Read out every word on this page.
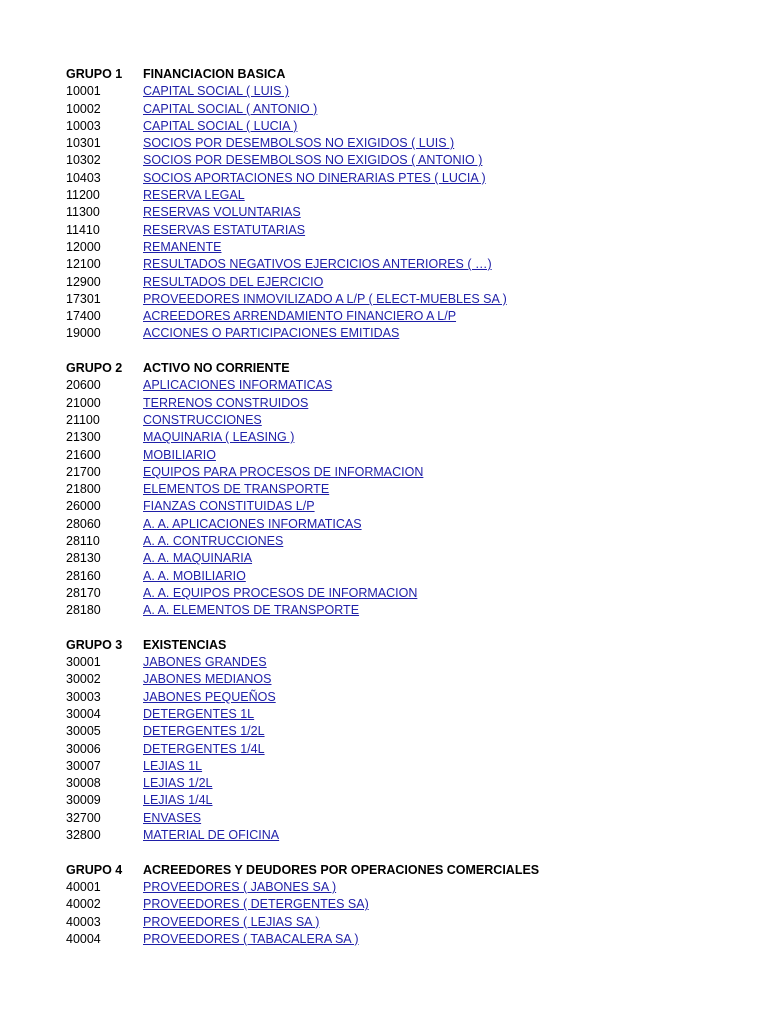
GRUPO 1	FINANCIACION BASICA
10001	CAPITAL SOCIAL ( LUIS )
10002	CAPITAL SOCIAL ( ANTONIO )
10003	CAPITAL SOCIAL ( LUCIA )
10301	SOCIOS POR DESEMBOLSOS NO EXIGIDOS ( LUIS )
10302	SOCIOS POR DESEMBOLSOS NO EXIGIDOS ( ANTONIO )
10403	SOCIOS APORTACIONES NO DINERARIAS PTES ( LUCIA )
11200	RESERVA LEGAL
11300	RESERVAS VOLUNTARIAS
11410	RESERVAS ESTATUTARIAS
12000	REMANENTE
12100	RESULTADOS NEGATIVOS EJERCICIOS ANTERIORES ( …)
12900	RESULTADOS DEL EJERCICIO
17301	PROVEEDORES INMOVILIZADO A L/P ( ELECT-MUEBLES SA )
17400	ACREEDORES ARRENDAMIENTO FINANCIERO A L/P
19000	ACCIONES O PARTICIPACIONES EMITIDAS
GRUPO 2	ACTIVO NO CORRIENTE
20600	APLICACIONES INFORMATICAS
21000	TERRENOS CONSTRUIDOS
21100	CONSTRUCCIONES
21300	MAQUINARIA ( LEASING )
21600	MOBILIARIO
21700	EQUIPOS PARA PROCESOS DE INFORMACION
21800	ELEMENTOS DE TRANSPORTE
26000	FIANZAS CONSTITUIDAS L/P
28060	A. A. APLICACIONES INFORMATICAS
28110	A. A. CONTRUCCIONES
28130	A. A. MAQUINARIA
28160	A. A. MOBILIARIO
28170	A. A. EQUIPOS PROCESOS DE INFORMACION
28180	A. A. ELEMENTOS DE TRANSPORTE
GRUPO 3	EXISTENCIAS
30001	JABONES GRANDES
30002	JABONES MEDIANOS
30003	JABONES PEQUEÑOS
30004	DETERGENTES 1L
30005	DETERGENTES 1/2L
30006	DETERGENTES 1/4L
30007	LEJIAS 1L
30008	LEJIAS 1/2L
30009	LEJIAS 1/4L
32700	ENVASES
32800	MATERIAL DE OFICINA
GRUPO 4	ACREEDORES Y DEUDORES POR OPERACIONES COMERCIALES
40001	PROVEEDORES ( JABONES SA )
40002	PROVEEDORES ( DETERGENTES SA)
40003	PROVEEDORES ( LEJIAS SA )
40004	PROVEEDORES ( TABACALERA SA )
